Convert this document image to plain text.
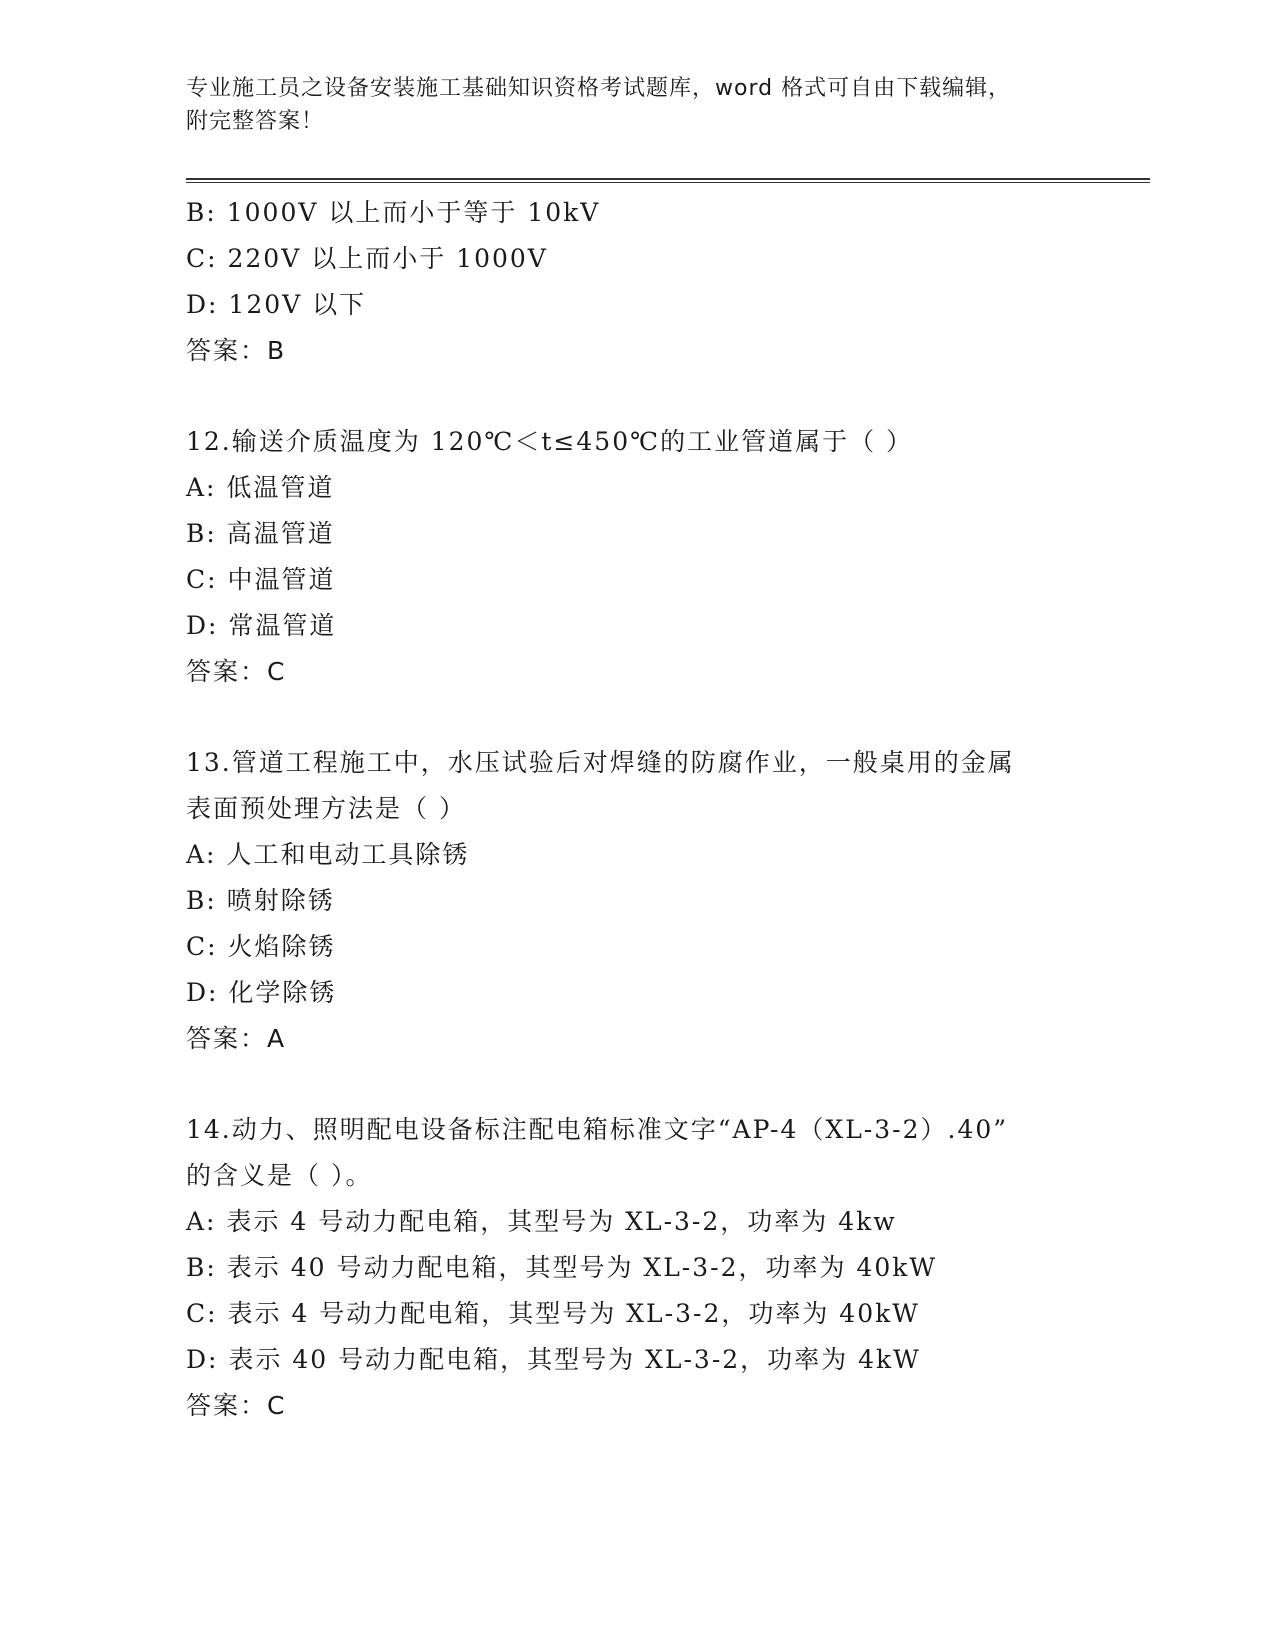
专业施工员之设备安装施工基础知识资格考试题库，word 格式可自由下载编辑，
附完整答案！
B: 1000V 以上而小于等于 10kV
C: 220V 以上而小于 1000V
D: 120V 以下
答案：B
12.输送介质温度为 120℃＜t≤450℃的工业管道属于（ ）
A: 低温管道
B: 高温管道
C: 中温管道
D: 常温管道
答案：C
13.管道工程施工中，水压试验后对焊缝的防腐作业，一般桌用的金属
表面预处理方法是（ ）
A: 人工和电动工具除锈
B: 喷射除锈
C: 火焰除锈
D: 化学除锈
答案：A
14.动力、照明配电设备标注配电箱标准文字“AP-4（XL-3-2）.40”
的含义是（ ）。
A: 表示 4 号动力配电箱，其型号为 XL-3-2，功率为 4kw
B: 表示 40 号动力配电箱，其型号为 XL-3-2，功率为 40kW
C: 表示 4 号动力配电箱，其型号为 XL-3-2，功率为 40kW
D: 表示 40 号动力配电箱，其型号为 XL-3-2，功率为 4kW
答案：C
